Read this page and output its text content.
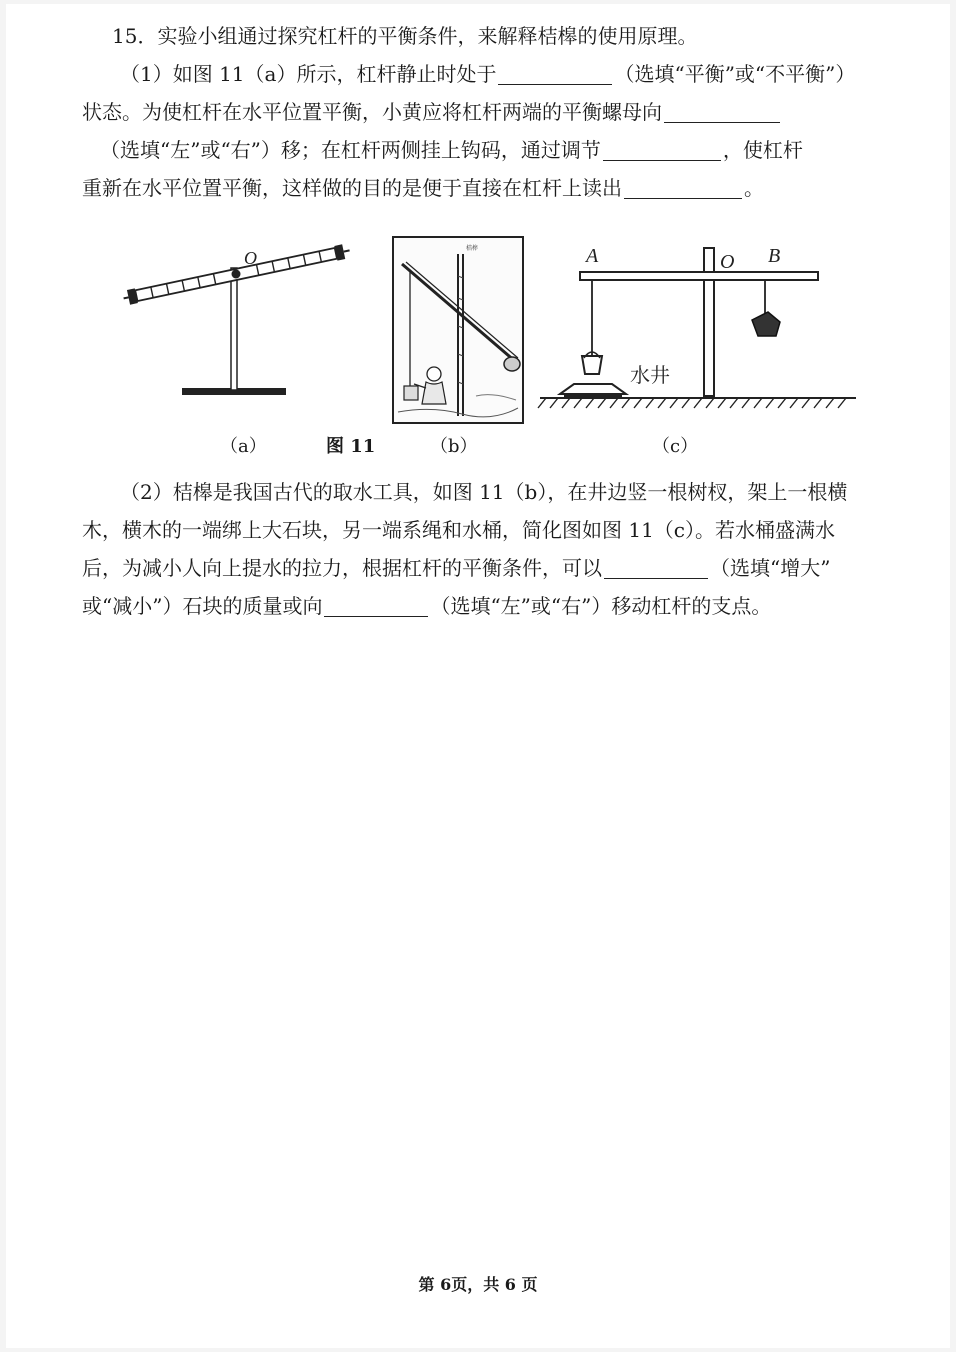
15．实验小组通过探究杠杆的平衡条件，来解释桔槔的使用原理。
（1）如图 11（a）所示，杠杆静止时处于	（选填“平衡”或“不平衡”）
状态。为使杠杆在水平位置平衡，小黄应将杠杆两端的平衡螺母向
（选填“左”或“右”）移；在杠杆两侧挂上钩码，通过调节	，使杠杆
重新在水平位置平衡，这样做的目的是便于直接在杠杆上读出	。
O	桔槔	A	O B
水井
（a）	图 11	（b）	（c）
（2）桔槔是我国古代的取水工具，如图 11（b），在井边竖一根树杈，架上一根横
木，横木的一端绑上大石块，另一端系绳和水桶，简化图如图 11（c）。若水桶盛满水
后，为减小人向上提水的拉力，根据杠杆的平衡条件，可以	（选填“增大”
或“减小”）石块的质量或向	（选填“左”或“右”）移动杠杆的支点。
第 6页，共 6 页
